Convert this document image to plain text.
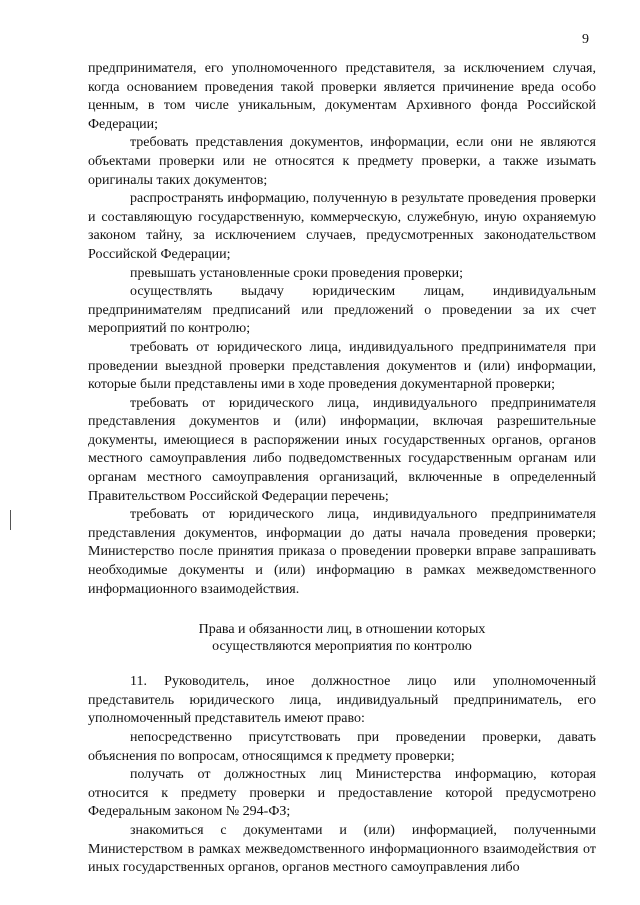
9

предпринимателя, его уполномоченного представителя, за исключением случая, когда основанием проведения такой проверки является причинение вреда особо ценным, в том числе уникальным, документам Архивного фонда Российской Федерации;

требовать представления документов, информации, если они не являются объектами проверки или не относятся к предмету проверки, а также изымать оригиналы таких документов;

распространять информацию, полученную в результате проведения проверки и составляющую государственную, коммерческую, служебную, иную охраняемую законом тайну, за исключением случаев, предусмотренных законодательством Российской Федерации;

превышать установленные сроки проведения проверки;

осуществлять выдачу юридическим лицам, индивидуальным предпринимателям предписаний или предложений о проведении за их счет мероприятий по контролю;

требовать от юридического лица, индивидуального предпринимателя при проведении выездной проверки представления документов и (или) информации, которые были представлены ими в ходе проведения документарной проверки;

требовать от юридического лица, индивидуального предпринимателя представления документов и (или) информации, включая разрешительные документы, имеющиеся в распоряжении иных государственных органов, органов местного самоуправления либо подведомственных государственным органам или органам местного самоуправления организаций, включенные в определенный Правительством Российской Федерации перечень;

требовать от юридического лица, индивидуального предпринимателя представления документов, информации до даты начала проведения проверки; Министерство после принятия приказа о проведении проверки вправе запрашивать необходимые документы и (или) информацию в рамках межведомственного информационного взаимодействия.

Права и обязанности лиц, в отношении которых
осуществляются мероприятия по контролю

11. Руководитель, иное должностное лицо или уполномоченный представитель юридического лица, индивидуальный предприниматель, его уполномоченный представитель имеют право:

непосредственно присутствовать при проведении проверки, давать объяснения по вопросам, относящимся к предмету проверки;

получать от должностных лиц Министерства информацию, которая относится к предмету проверки и предоставление которой предусмотрено Федеральным законом № 294-ФЗ;

знакомиться с документами и (или) информацией, полученными Министерством в рамках межведомственного информационного взаимодействия от иных государственных органов, органов местного самоуправления либо
